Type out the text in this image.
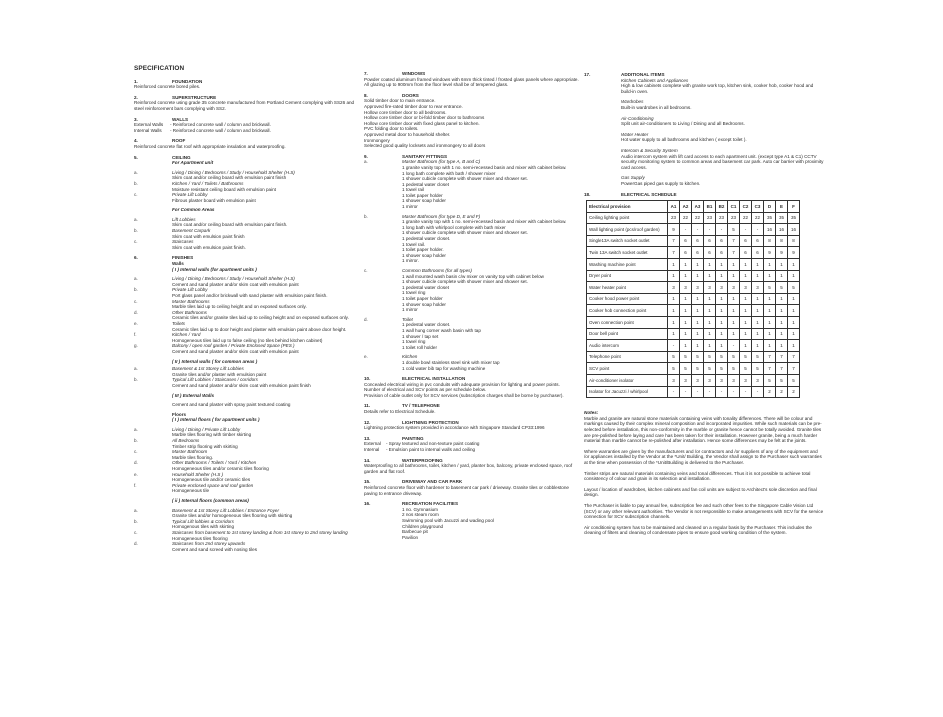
SPECIFICATION
1.	FOUNDATION
Reinforced concrete bored piles.
2.	SUPERSTRUCTURE
Reinforced concrete using grade 35 concrete manufactured from Portland Cement complying with SS26 and steel reinforcement bars complying with SS2.
3.	WALLS
External Walls	- Reinforced concrete wall / column and brickwall.
Internal Walls	- Reinforced concrete wall / column and brickwall.
4.	ROOF
Reinforced concrete flat roof with appropriate insulation and waterproofing.
5.	CEILING
For Apartment unit
a.	Living / Dining / Bedrooms / Study / Household Shelter (H.S)
Skim coat and/or ceiling board with emulsion paint finish
b.	Kitchen / Yard / Toilets / Bathrooms
Moisture resistant ceiling board with emulsion paint
c.	Private Lift Lobby
Fibrous plaster board with emulsion paint
For Common Areas
a.	Lift Lobbies
Skim coat and/or ceiling board with emulsion paint finish.
b.	Basement Carpark
Skim coat with emulsion paint finish
c.	Staircases
Skim coat with emulsion paint finish.
6.	FINISHES
Walls
( I ) Internal walls (for apartment units )
a.	Living / Dining / Bedrooms / Study / Household Shelter (H.S)
Cement and sand plaster and/or skim coat with emulsion paint
b.	Private Lift Lobby
Port glass panel and/or brickwall with sand plaster with emulsion paint finish.
c.	Master Bathrooms
Marble tiles laid up to ceiling height and on exposed surfaces only.
d.	Other Bathrooms
Ceramic tiles and/or granite tiles laid up to ceiling height and on exposed surfaces only.
e.	Toilets
Ceramic tiles laid up to door height and plaster with emulsion paint above door height.
f.	Kitchen / Yard
Homogeneous tiles laid up to false ceiling (no tiles behind kitchen cabinet)
g.	Balcony / open roof garden / Private Enclosed Space (PES )
Cement and sand plaster and/or skim coat with emulsion paint
( II ) Internal walls ( for common areas )
a.	Basement & 1st Storey Lift Lobbies
Granite tiles and/or plaster with emulsion paint
b.	Typical Lift Lobbies / Staircases / corridors
Cement and sand plaster and/or skim coat with emulsion paint finish
( III ) External Walls
Cement and sand plaster with spray paint textured coating
Floors
( I ) Internal floors ( for apartment units )
a.	Living / Dining / Private Lift Lobby
Marble tiles flooring with timber skirting
b.	All Bedrooms
Timber strip flooring with skirting
c.	Master Bathroom
Marble tiles flooring.
d.	Other Bathrooms / Toilets / Yard / Kitchen
Homogeneous tiles and/or ceramic tiles flooring
e.	Household Shelter (H.S )
Homogeneous tile and/or ceramic tiles
f.	Private enclosed space and roof garden
Homogeneous tile
( ii ) Internal floors (common areas)
a.	Basement & 1st Storey Lift Lobbies / Entrance Foyer
Granite tiles and/or homogeneous tiles flooring with skirting
b.	Typical Lift lobbies & Corridors
Homogenous tiles with skirting
c.	Staircases from basement to 1st storey landing & from 1st storey to 2nd storey landing
Homogeneous tiles flooring
d.	Staircases from 2nd storey upwards
Cement and sand screed with nosing tiles
7.	WINDOWS
Powder coated aluminum framed windows with 6mm thick tinted / frosted glass panels where appropriate. All glazing up to 900mm from the floor level shall be of tempered glass.
8.	DOORS
Solid timber door to main entrance.
Approved fire-rated timber door to rear entrance.
Hollow core timber door to all bedrooms.
Hollow core timber door or bi-fold timber door to bathrooms
Hollow core timber door with fixed glass panel to kitchen.
PVC folding door to toilets.
Approved metal door to household shelter.
Ironmongery
Selected good quality locksets and ironmongery to all doors
9.	SANITARY FITTINGS
a.	Master Bathroom (for type A, B and C)
1 granite vanity top with 1 no. semi-recessed basin and mixer with cabinet below.
1 long bath complete with bath / shower mixer
1 shower cubicle complete with shower mixer and shower set.
1 pedestal water closet
1 towel rail
1 toilet paper holder
1 shower soap holder
1 mirror
b.	Master Bathroom (for type D, E and F)
1 granite vanity top with 1 no. semi-recessed basin and mixer with cabinet below.
1 long bath with whirlpool complete with bath mixer
1 shower cubicle complete with shower mixer and shower set.
1 pedestal water closet.
1 towel rail.
1 toilet paper holder.
1 shower soap holder
1 mirror.
c.	Common Bathrooms (for all types)
1 wall mounted wash basin c/w mixer on vanity top with cabinet below
1 shower cubicle complete with shower mixer and shower set.
1 pedestal water closet
1 towel ring
1 toilet paper holder
1 shower soap holder
1 mirror
d.	Toilet
1 pedestal water closet.
1 wall hung corner wash basin with tap
1 shower / tap set
1 towel ring
1 toilet roll holder
e.	Kitchen
1 double bowl stainless steel sink with mixer tap
1 cold water bib tap for washing machine
10.	ELECTRICAL INSTALLATION
Concealed electrical wiring in pvc conduits with adequate provision for lighting and power points.
Number of electrical and SCV points as per schedule below.
Provision of cable outlet only for SCV services (subscription charges shall be borne by purchaser).
11.	TV / TELEPHONE
Details refer to Electrical Schedule.
12.	LIGHTNING PROTECTION
Lightning protection system provided in accordance with Singapore Standard CP33:1996
13.	PAINTING
External	- Spray textured and non-texture paint coating
Internal	- Emulsion paint to internal walls and ceiling
14.	WATERPROOFING
Waterproofing to all bathrooms, toilet, kitchen / yard, planter box, balcony, private enclosed space, roof garden and flat roof.
15.	DRIVEWAY AND CAR PARK
Reinforced concrete floor with hardener to basement car park / driveway. Granite tiles or cobblestone paving to entrance driveway.
16.	RECREATION FACILITIES
1 no. Gymnasium
2 nos steam room
Swimming pool with Jacuzzi and wading pool
Children playground
Barbecue pit
Pavilion
17.	ADDITIONAL ITEMS
Kitchen Cabinets and Appliances
High & low cabinets complete with granite work top, kitchen sink, cooker hob, cooker hood and build-in oven.
Wardrobes
Built-in wardrobes in all bedrooms.
Air-Conditioning
Split unit air-conditioners to Living / Dining and all Bedrooms.
Water Heater
Hot water supply to all bathrooms and kitchen ( except toilet ).
Intercom & Security System
Audio intercom system with lift card access to each apartment unit. (except type A1 & C1) CCTV security monitoring system to common areas and basement car park. Auto car barrier with proximity card access.
Gas Supply
PowerGas piped gas supply to kitchen.
18.	ELECTRICAL SCHEDULE
Electrical provision	A1	A2	A3	B1	B2	C1	C2	C3	D	E	F
Ceiling lighting point	23	22	22	23	23	23	22	22	35	35	35
Wall lighting point (pcs/roof garden)	9	-	-	-	-	5	-	-	16	16	16
Single13A switch socket outlet	7	6	6	6	6	7	6	6	8	8	8
Twin 13A switch socket outlet	7	6	6	6	6	7	6	6	9	9	9
Washing machine point	1	1	1	1	1	1	1	1	1	1	1
Dryer point	1	1	1	1	1	1	1	1	1	1	1
Water heater point	3	3	3	3	3	3	3	3	5	5	5
Cooker hood power point	1	1	1	1	1	1	1	1	1	1	1
Cooker hob connection point	1	1	1	1	1	1	1	1	1	1	1
Oven connection point	1	1	1	1	1	1	1	1	1	1	1
Door bell point	1	1	1	1	1	1	1	1	1	1	1
Audio intercom	-	1	1	1	1	-	1	1	1	1	1
Telephone point	5	5	5	5	5	5	5	5	7	7	7
SCV point	5	5	5	5	5	5	5	5	7	7	7
Air-conditioner isolator	3	3	3	3	3	3	3	3	5	5	5
Isolator for Jacuzzi / whirlpool	-	-	-	-	-	-	-	-	2	2	2
Notes:
Marble and granite are natural stone materials containing veins with tonality differences. There will be colour and markings caused by their complex mineral composition and incorporated impurities. While such materials can be pre-selected before installation, this non-conformity in the marble or granite hence cannot be totally avoided. Granite tiles are pre-polished before laying and care has been taken for their installation. However granite, being a much harder material than marble cannot be re-polished after installation. Hence some differences may be felt at the joints.
Where warranties are given by the manufacturers and /or contractors and /or suppliers of any of the equipment and /or appliances installed by the Vendor at the *Unit/ Building, the Vendor shall assign to the Purchaser such warranties at the time when possession of the *Unit/Building is delivered to the Purchaser.
Timber strips are natural materials containing veins and tonal differences. Thus it is not possible to achieve total consistency of colour and grain in its selection and installation.
Layout / location of wardrobes, kitchen cabinets and fan coil units are subject to Architect's sole discretion and final design.
The Purchaser is liable to pay annual fee, subscription fee and such other fees to the Singapore Cable Vision Ltd (SCV) or any other relevant authorities. The Vendor is not responsible to make arrangements with SCV for the service connection for SCV subscription channels.
Air conditioning system has to be maintained and cleaned on a regular basis by the Purchaser. This includes the cleaning of filters and cleaning of condensate pipes to ensure good working condition of the system.
